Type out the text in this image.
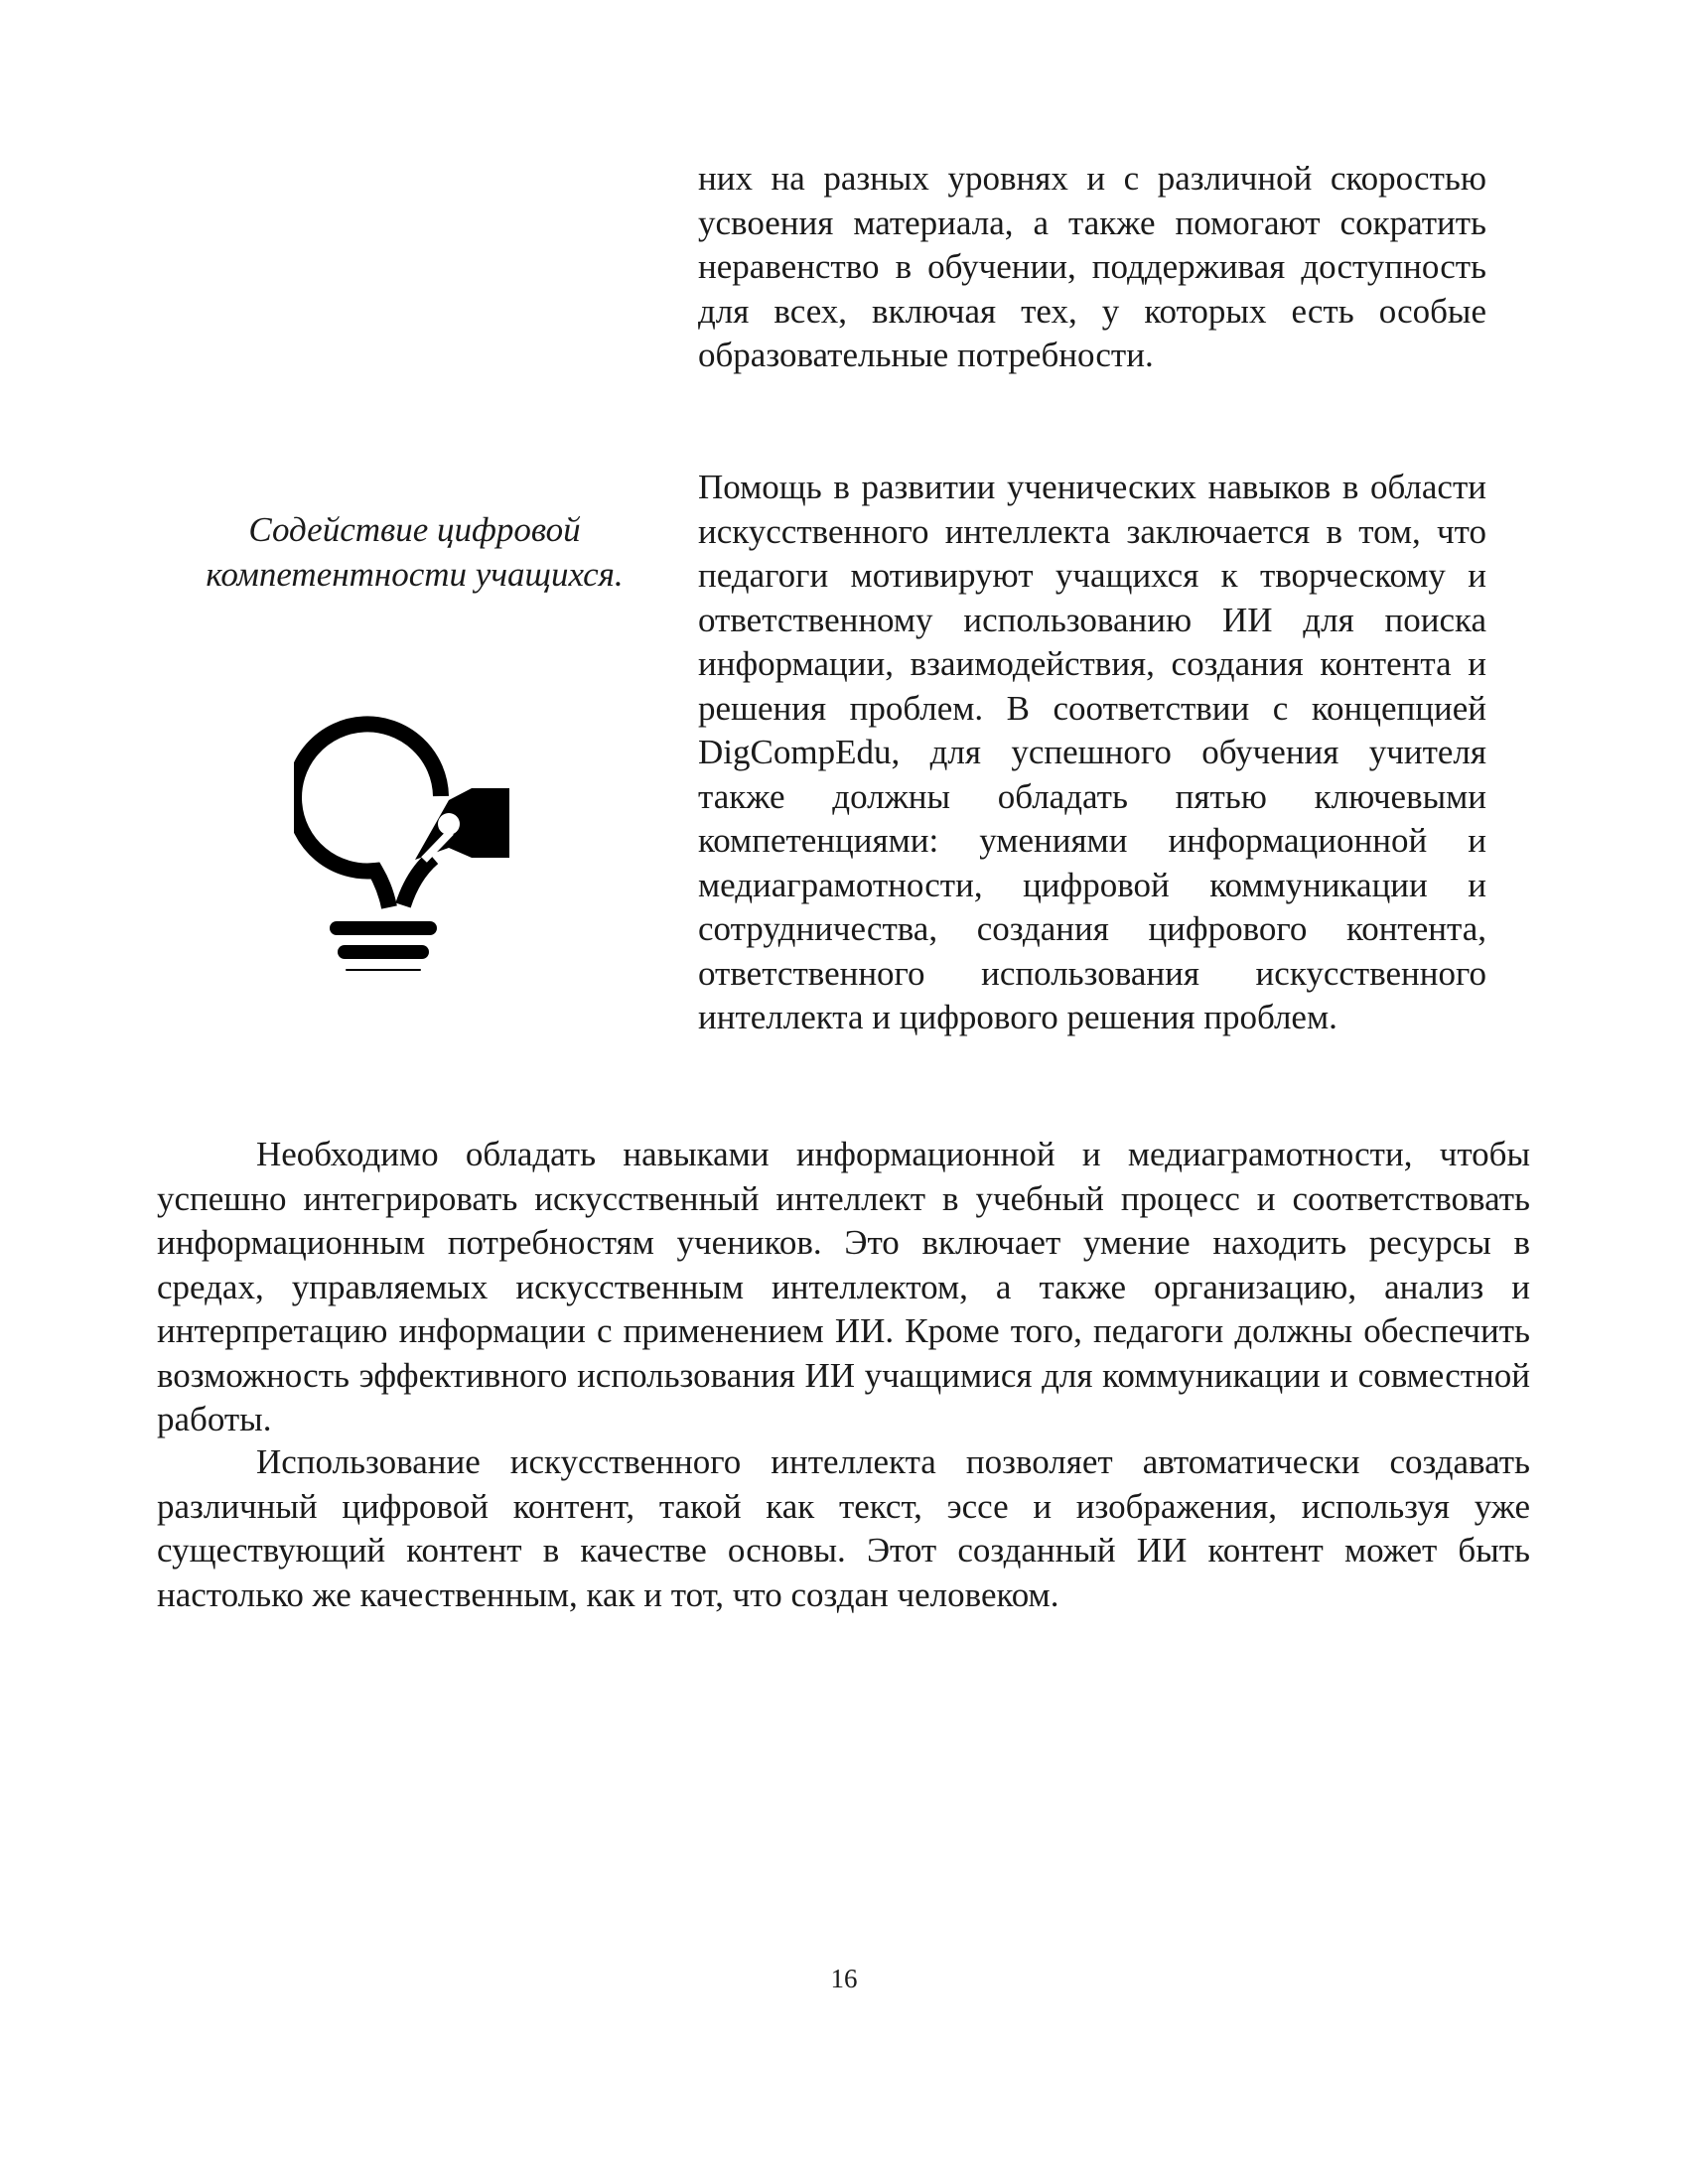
них на разных уровнях и с различной скоростью усвоения материала, а также помогают сократить неравенство в обучении, поддерживая доступность для всех, включая тех, у которых есть особые образовательные потребности.

Помощь в развитии ученических навыков в области искусственного интеллекта заключается в том, что педагоги мотивируют учащихся к творческому и ответственному использованию ИИ для поиска информации, взаимодействия, создания контента и решения проблем. В соответствии с концепцией DigCompEdu, для успешного обучения учителя также должны обладать пятью ключевыми компетенциями: умениями информационной и медиаграмотности, цифровой коммуникации и сотрудничества, создания цифрового контента, ответственного использования искусственного интеллекта и цифрового решения проблем.

Содействие цифровой компетентности учащихся.

Необходимо обладать навыками информационной и медиаграмотности, чтобы успешно интегрировать искусственный интеллект в учебный процесс и соответствовать информационным потребностям учеников. Это включает умение находить ресурсы в средах, управляемых искусственным интеллектом, а также организацию, анализ и интерпретацию информации с применением ИИ. Кроме того, педагоги должны обеспечить возможность эффективного использования ИИ учащимися для коммуникации и совместной работы.

Использование искусственного интеллекта позволяет автоматически создавать различный цифровой контент, такой как текст, эссе и изображения, используя уже существующий контент в качестве основы. Этот созданный ИИ контент может быть настолько же качественным, как и тот, что создан человеком.

16
